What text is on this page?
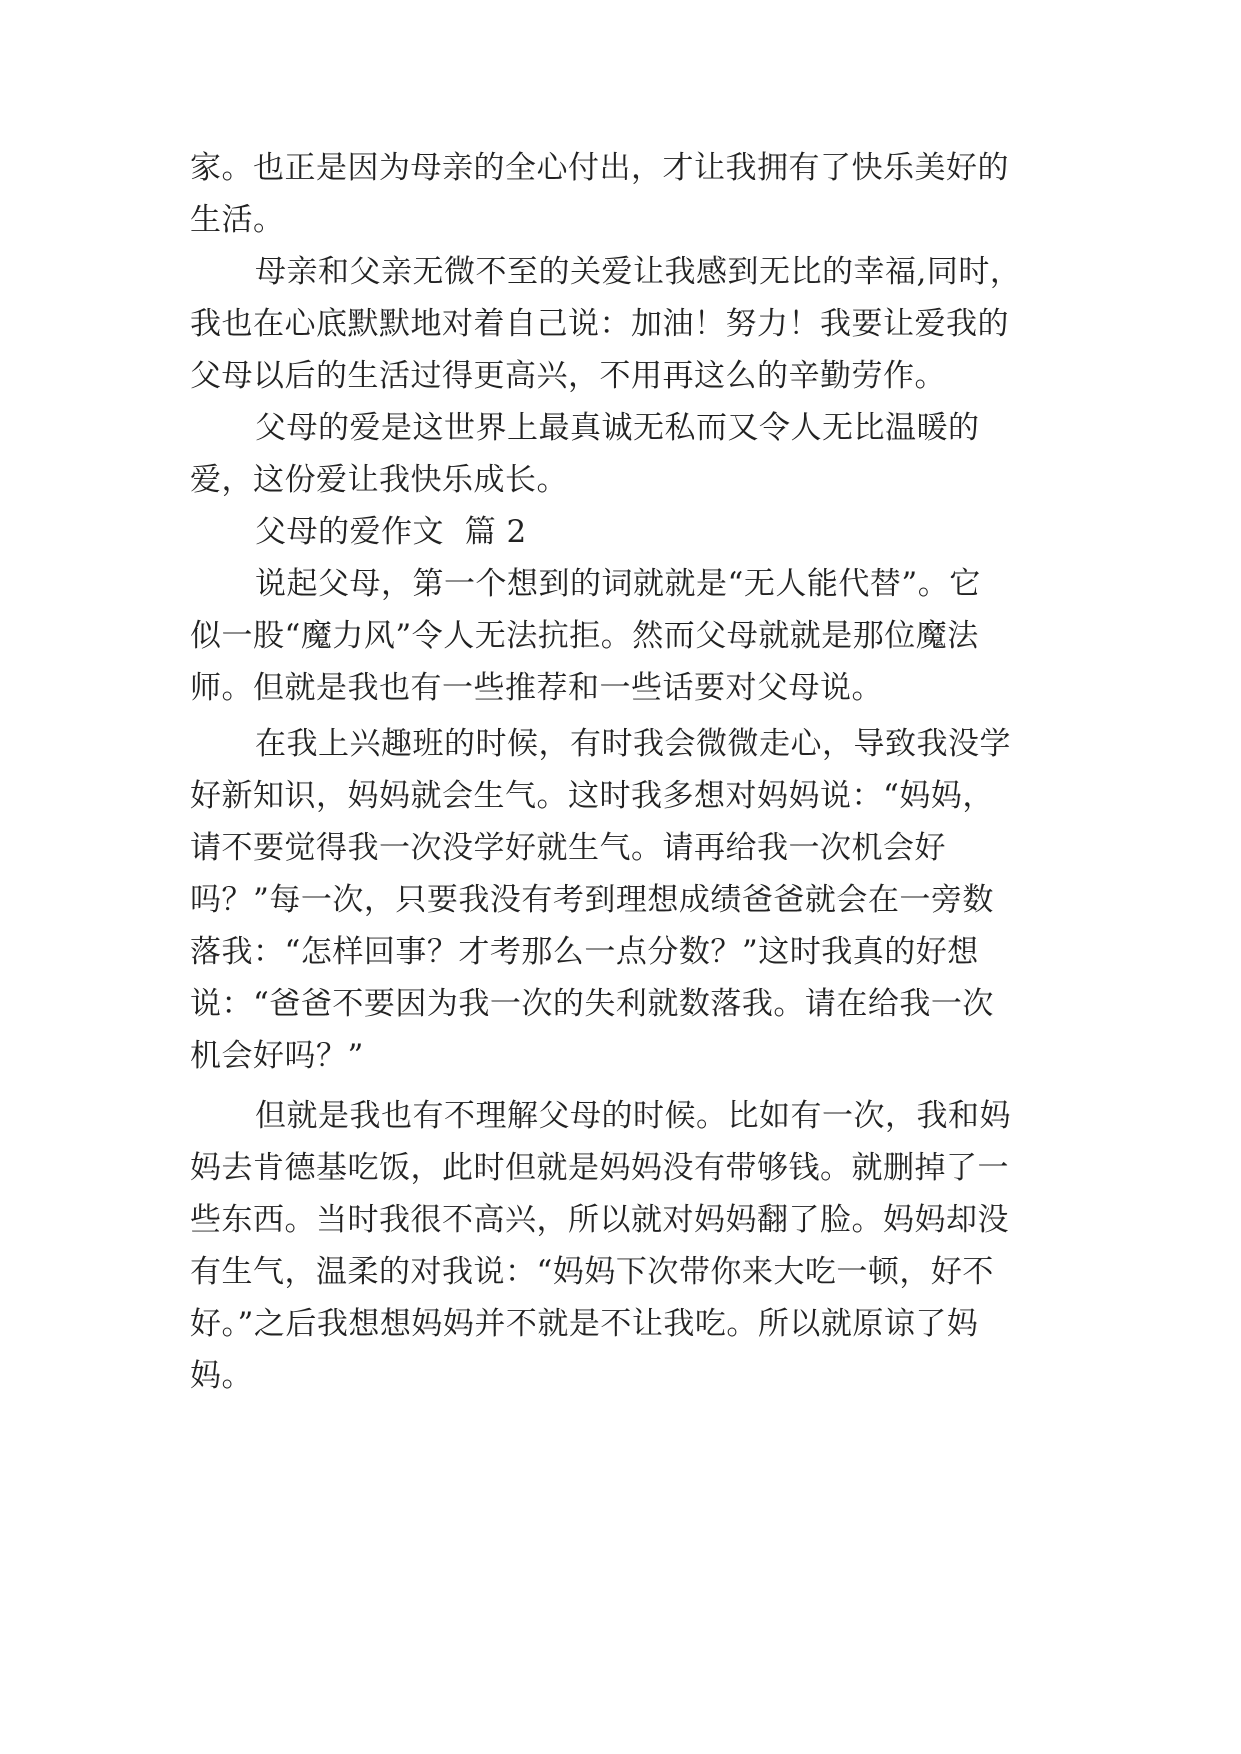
家。也正是因为母亲的全心付出，才让我拥有了快乐美好的
生活。
母亲和父亲无微不至的关爱让我感到无比的幸福,同时，
我也在心底默默地对着自己说：加油！努力！我要让爱我的
父母以后的生活过得更高兴，不用再这么的辛勤劳作。
父母的爱是这世界上最真诚无私而又令人无比温暖的
爱，这份爱让我快乐成长。
父母的爱作文  篇 2
说起父母，第一个想到的词就就是“无人能代替”。它
似一股“魔力风”令人无法抗拒。然而父母就就是那位魔法
师。但就是我也有一些推荐和一些话要对父母说。
在我上兴趣班的时候，有时我会微微走心，导致我没学
好新知识，妈妈就会生气。这时我多想对妈妈说：“妈妈，
请不要觉得我一次没学好就生气。请再给我一次机会好
吗？”每一次，只要我没有考到理想成绩爸爸就会在一旁数
落我：“怎样回事？才考那么一点分数？”这时我真的好想
说：“爸爸不要因为我一次的失利就数落我。请在给我一次
机会好吗？”
但就是我也有不理解父母的时候。比如有一次，我和妈
妈去肯德基吃饭，此时但就是妈妈没有带够钱。就删掉了一
些东西。当时我很不高兴，所以就对妈妈翻了脸。妈妈却没
有生气，温柔的对我说：“妈妈下次带你来大吃一顿，好不
好。”之后我想想妈妈并不就是不让我吃。所以就原谅了妈
妈。
